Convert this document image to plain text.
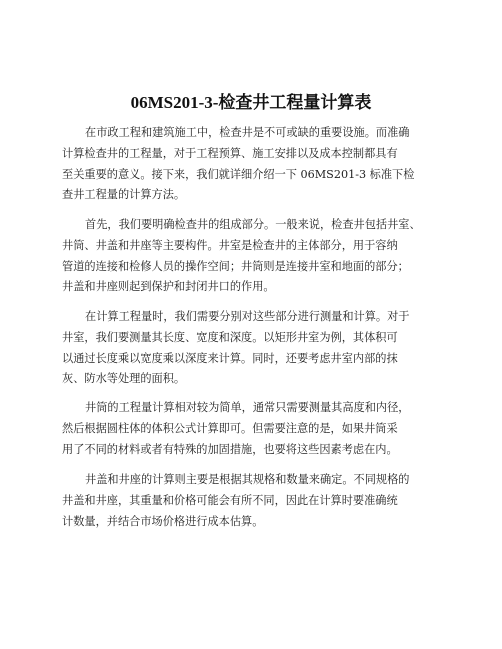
06MS201-3-检查井工程量计算表

在市政工程和建筑施工中，检查井是不可或缺的重要设施。而准确
计算检查井的工程量，对于工程预算、施工安排以及成本控制都具有
至关重要的意义。接下来，我们就详细介绍一下 06MS201-3 标准下检
查井工程量的计算方法。

首先，我们要明确检查井的组成部分。一般来说，检查井包括井室、
井筒、井盖和井座等主要构件。井室是检查井的主体部分，用于容纳
管道的连接和检修人员的操作空间；井筒则是连接井室和地面的部分；
井盖和井座则起到保护和封闭井口的作用。

在计算工程量时，我们需要分别对这些部分进行测量和计算。对于
井室，我们要测量其长度、宽度和深度。以矩形井室为例，其体积可
以通过长度乘以宽度乘以深度来计算。同时，还要考虑井室内部的抹
灰、防水等处理的面积。

井筒的工程量计算相对较为简单，通常只需要测量其高度和内径，
然后根据圆柱体的体积公式计算即可。但需要注意的是，如果井筒采
用了不同的材料或者有特殊的加固措施，也要将这些因素考虑在内。

井盖和井座的计算则主要是根据其规格和数量来确定。不同规格的
井盖和井座，其重量和价格可能会有所不同，因此在计算时要准确统
计数量，并结合市场价格进行成本估算。
